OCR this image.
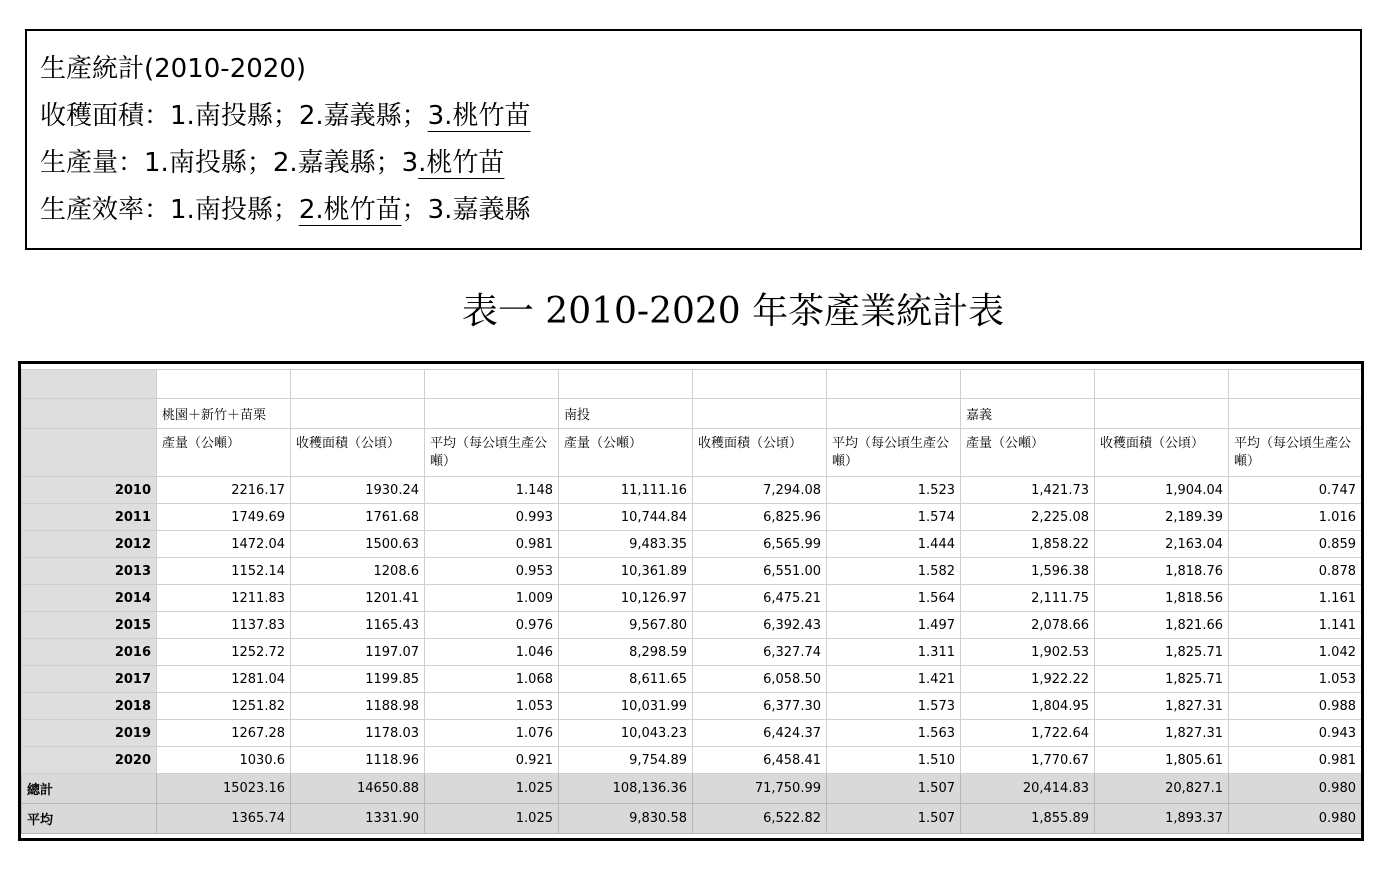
生產統計(2010-2020)
收穫面積：1.南投縣；2.嘉義縣；3.桃竹苗
生產量：1.南投縣；2.嘉義縣；3.桃竹苗
生產效率：1.南投縣；2.桃竹苗；3.嘉義縣
表一 2010-2020 年茶產業統計表

	桃園＋新竹＋苗栗			南投			嘉義		
	產量（公噸）	收穫面積（公頃）	平均（每公頃生產公噸）	產量（公噸）	收穫面積（公頃）	平均（每公頃生產公噸）	產量（公噸）	收穫面積（公頃）	平均（每公頃生產公噸）
2010	2216.17	1930.24	1.148	11,111.16	7,294.08	1.523	1,421.73	1,904.04	0.747
2011	1749.69	1761.68	0.993	10,744.84	6,825.96	1.574	2,225.08	2,189.39	1.016
2012	1472.04	1500.63	0.981	9,483.35	6,565.99	1.444	1,858.22	2,163.04	0.859
2013	1152.14	1208.6	0.953	10,361.89	6,551.00	1.582	1,596.38	1,818.76	0.878
2014	1211.83	1201.41	1.009	10,126.97	6,475.21	1.564	2,111.75	1,818.56	1.161
2015	1137.83	1165.43	0.976	9,567.80	6,392.43	1.497	2,078.66	1,821.66	1.141
2016	1252.72	1197.07	1.046	8,298.59	6,327.74	1.311	1,902.53	1,825.71	1.042
2017	1281.04	1199.85	1.068	8,611.65	6,058.50	1.421	1,922.22	1,825.71	1.053
2018	1251.82	1188.98	1.053	10,031.99	6,377.30	1.573	1,804.95	1,827.31	0.988
2019	1267.28	1178.03	1.076	10,043.23	6,424.37	1.563	1,722.64	1,827.31	0.943
2020	1030.6	1118.96	0.921	9,754.89	6,458.41	1.510	1,770.67	1,805.61	0.981
總計	15023.16	14650.88	1.025	108,136.36	71,750.99	1.507	20,414.83	20,827.1	0.980
平均	1365.74	1331.90	1.025	9,830.58	6,522.82	1.507	1,855.89	1,893.37	0.980
